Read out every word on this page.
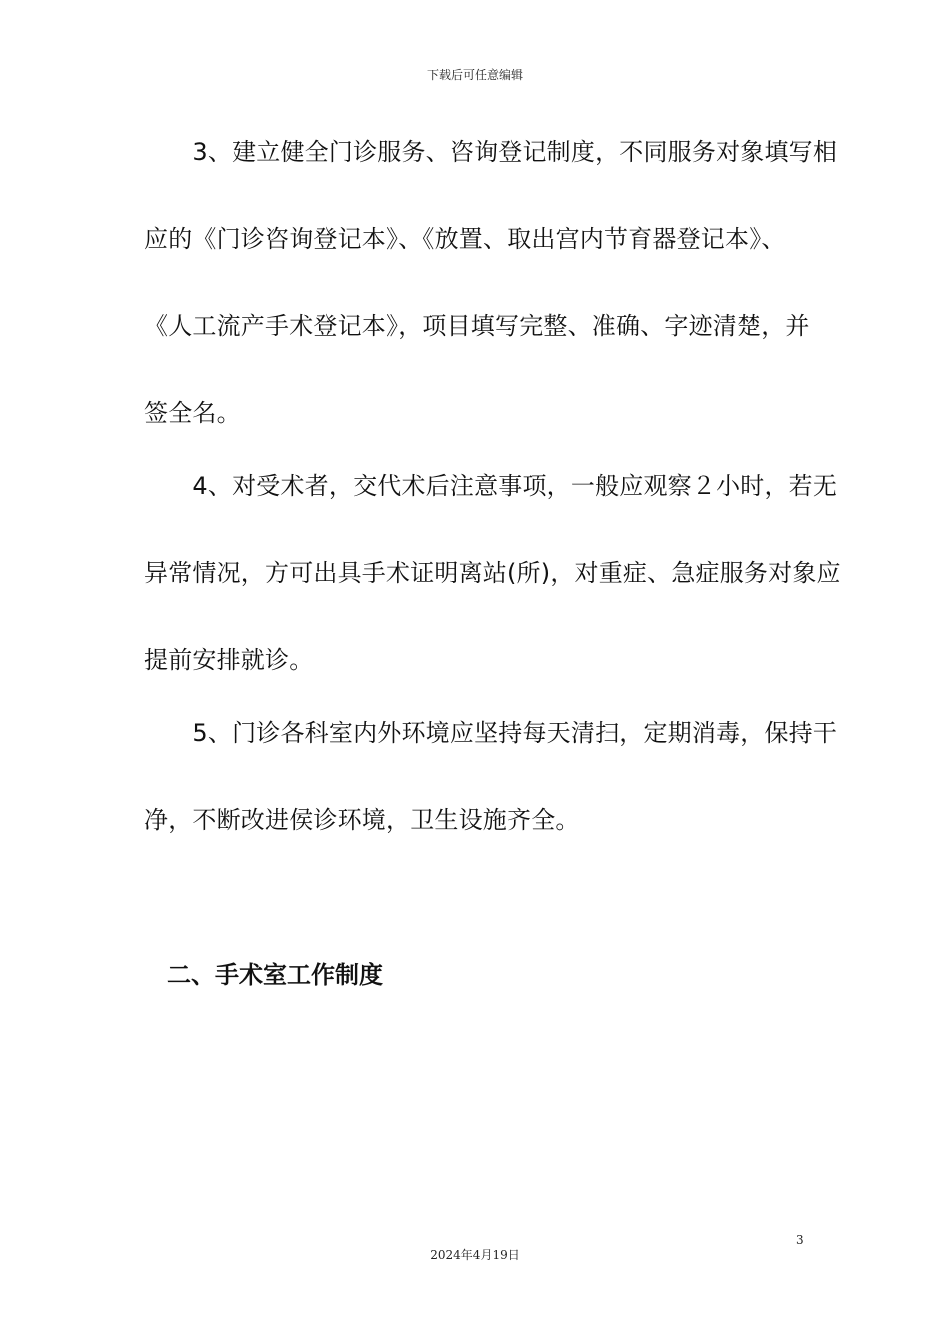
下载后可任意编辑
　　3、建立健全门诊服务、咨询登记制度，不同服务对象填写相
应的《门诊咨询登记本》、《放置、取出宫内节育器登记本》、
《人工流产手术登记本》，项目填写完整、准确、字迹清楚，并
签全名。
　　4、对受术者，交代术后注意事项，一般应观察２小时，若无
异常情况，方可出具手术证明离站(所)，对重症、急症服务对象应
提前安排就诊。
　　5、门诊各科室内外环境应坚持每天清扫，定期消毒，保持干
净，不断改进侯诊环境，卫生设施齐全。
二、手术室工作制度
3
2024年4月19日
